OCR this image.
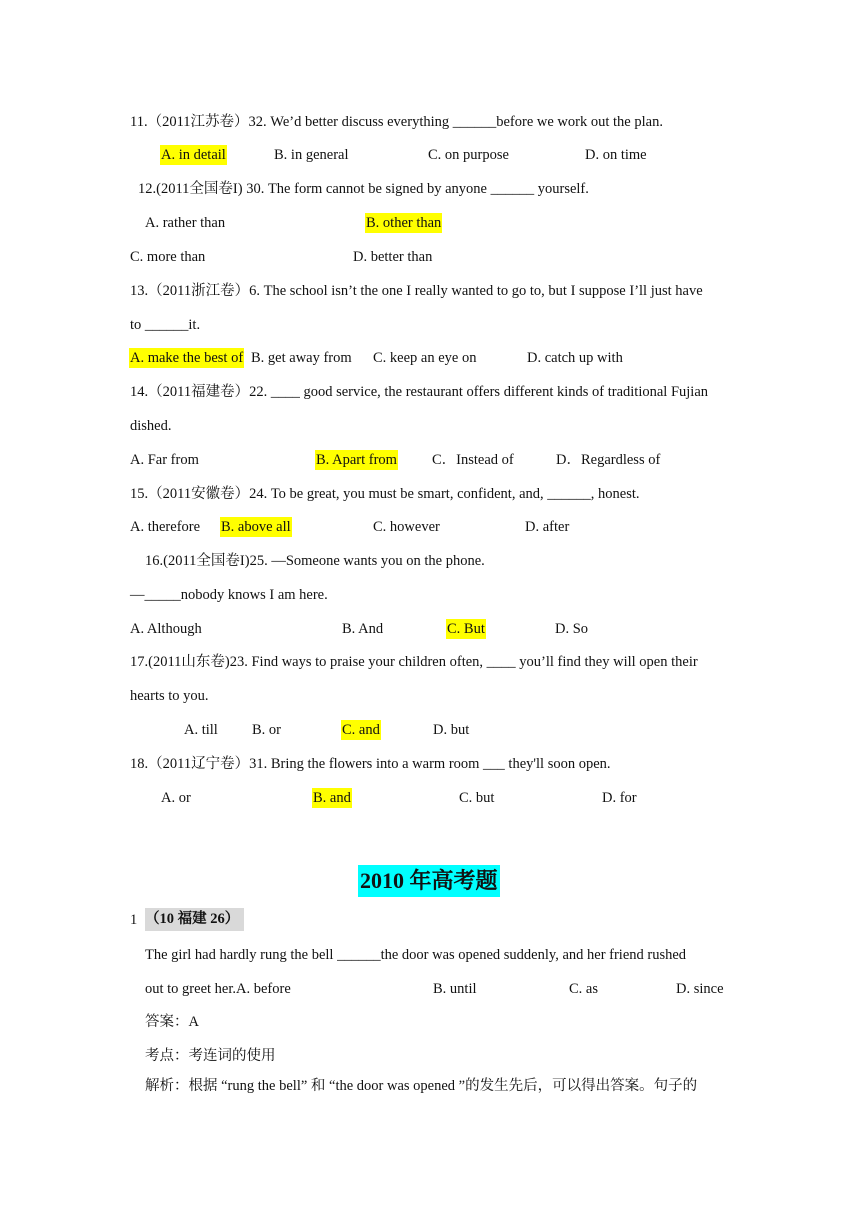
11.（2011江苏卷）32. We’d better discuss everything ______before we work out the plan.
A. in detail	B. in general	C. on purpose	D. on time
12.(2011全国卷I) 30. The form cannot be signed by anyone ______ yourself.
A. rather than	B. other than
C. more than	D. better than
13.（2011浙江卷）6. The school isn’t the one I really wanted to go to, but I suppose I’ll just have
to ______it.
A. make the best of B. get away from C. keep an eye on	D. catch up with
14.（2011福建卷）22. ____ good service, the restaurant offers different kinds of traditional Fujian
dished.
A. Far from	B. Apart from C．Instead of	D．Regardless of
15.（2011安徽卷）24. To be great, you must be smart, confident, and, ______, honest.
A. therefore B. above all	C. however	D. after
16.(2011全国卷I)25. —Someone wants you on the phone.
—_____nobody knows I am here.
A. Although	B. And	C. But	D. So
17.(2011山东卷)23. Find ways to praise your children often, ____ you’ll find they will open their
hearts to you.
A. till B. or	C. and	D. but
18.（2011辽宁卷）31. Bring the flowers into a warm room ___ they'll soon open.
A. or	B. and	C. but	D. for
2010 年高考题
1 （10 福建 26）
The girl had hardly rung the bell ______the door was opened suddenly, and her friend rushed
out to greet her.A. before	B. until	C. as	D. since
答案：A
考点：考连词的使用
解析：根据 “rung the bell” 和 “the door was opened ”的发生先后，可以得出答案。句子的
